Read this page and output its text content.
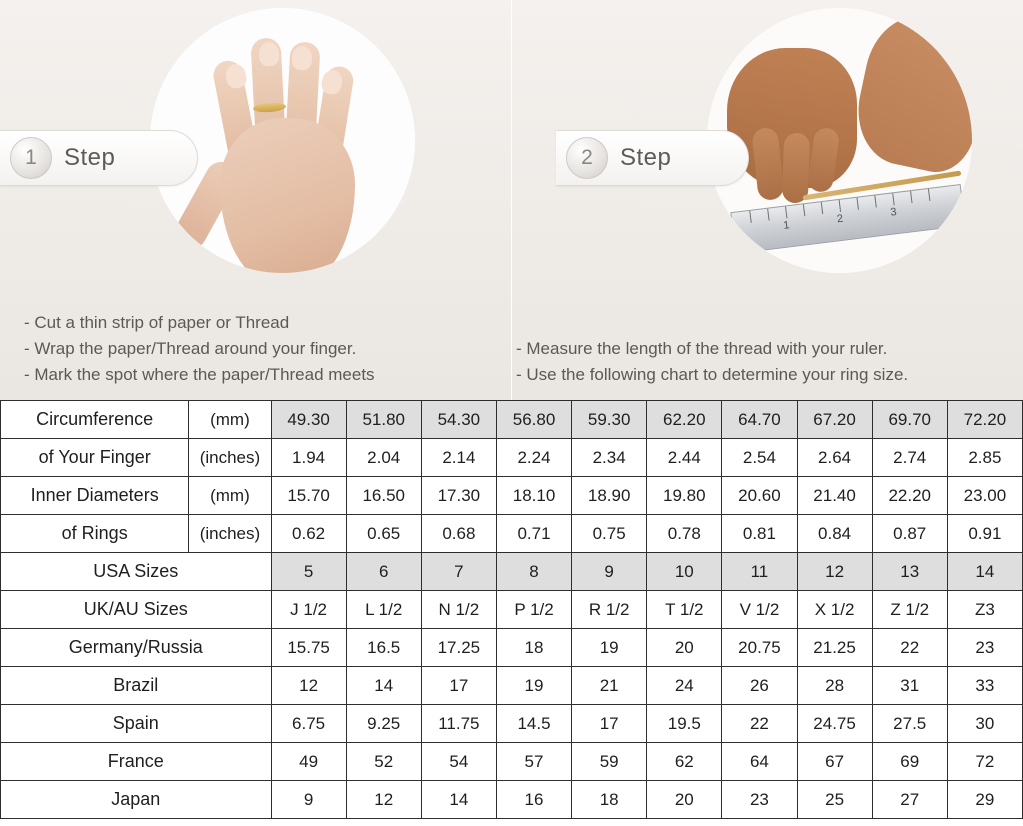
1	Step
- Cut a thin strip of paper or Thread
- Wrap the paper/Thread around your finger.
- Mark the spot where the paper/Thread meets
1
2
3
2	Step
- Measure the length of the thread with your ruler.
- Use the following chart to determine your ring size.
Circumference	(mm)	49.30	51.80	54.30	56.80	59.30	62.20	64.70	67.20	69.70	72.20
of Your Finger	(inches)	1.94	2.04	2.14	2.24	2.34	2.44	2.54	2.64	2.74	2.85
Inner Diameters	(mm)	15.70	16.50	17.30	18.10	18.90	19.80	20.60	21.40	22.20	23.00
of Rings	(inches)	0.62	0.65	0.68	0.71	0.75	0.78	0.81	0.84	0.87	0.91
USA Sizes		5	6	7	8	9	10	11	12	13	14
UK/AU Sizes		J 1/2	L 1/2	N 1/2	P 1/2	R 1/2	T 1/2	V 1/2	X 1/2	Z 1/2	Z3
Germany/Russia		15.75	16.5	17.25	18	19	20	20.75	21.25	22	23
Brazil		12	14	17	19	21	24	26	28	31	33
Spain		6.75	9.25	11.75	14.5	17	19.5	22	24.75	27.5	30
France		49	52	54	57	59	62	64	67	69	72
Japan		9	12	14	16	18	20	23	25	27	29
